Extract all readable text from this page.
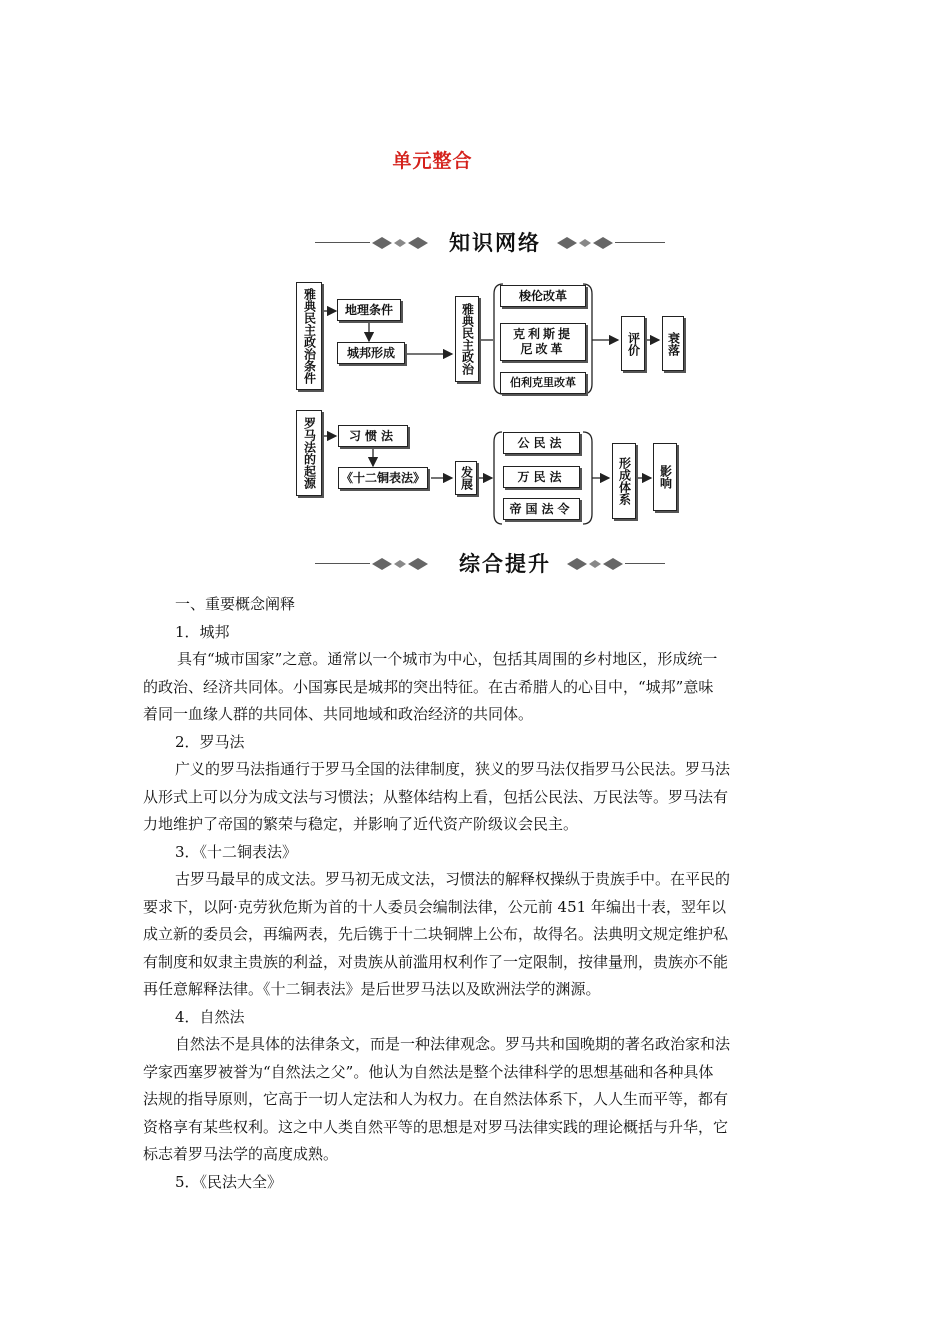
单元整合
知识网络
雅典民主政治条件	地理条件
城邦形成	雅典民主政治
梭伦改革
克利斯提尼改革
伯利克里改革
评价	衰落
罗马法的起源	习惯法
《十二铜表法》	发展
公民法
万民法
帝国法令
形成体系	影响
综合提升

一、重要概念阐释

1．城邦

具有“城市国家”之意。通常以一个城市为中心，包括其周围的乡村地区，形成统一

的政治、经济共同体。小国寡民是城邦的突出特征。在古希腊人的心目中，“城邦”意味

着同一血缘人群的共同体、共同地域和政治经济的共同体。

2．罗马法

广义的罗马法指通行于罗马全国的法律制度，狭义的罗马法仅指罗马公民法。罗马法

从形式上可以分为成文法与习惯法；从整体结构上看，包括公民法、万民法等。罗马法有

力地维护了帝国的繁荣与稳定，并影响了近代资产阶级议会民主。

3．《十二铜表法》

古罗马最早的成文法。罗马初无成文法，习惯法的解释权操纵于贵族手中。在平民的

要求下，以阿·克劳狄危斯为首的十人委员会编制法律，公元前 451 年编出十表，翌年以

成立新的委员会，再编两表，先后镌于十二块铜牌上公布，故得名。法典明文规定维护私

有制度和奴隶主贵族的利益，对贵族从前滥用权利作了一定限制，按律量刑，贵族亦不能

再任意解释法律。《十二铜表法》是后世罗马法以及欧洲法学的渊源。

4．自然法

自然法不是具体的法律条文，而是一种法律观念。罗马共和国晚期的著名政治家和法

学家西塞罗被誉为“自然法之父”。他认为自然法是整个法律科学的思想基础和各种具体

法规的指导原则，它高于一切人定法和人为权力。在自然法体系下，人人生而平等，都有

资格享有某些权利。这之中人类自然平等的思想是对罗马法律实践的理论概括与升华，它

标志着罗马法学的高度成熟。

5．《民法大全》
